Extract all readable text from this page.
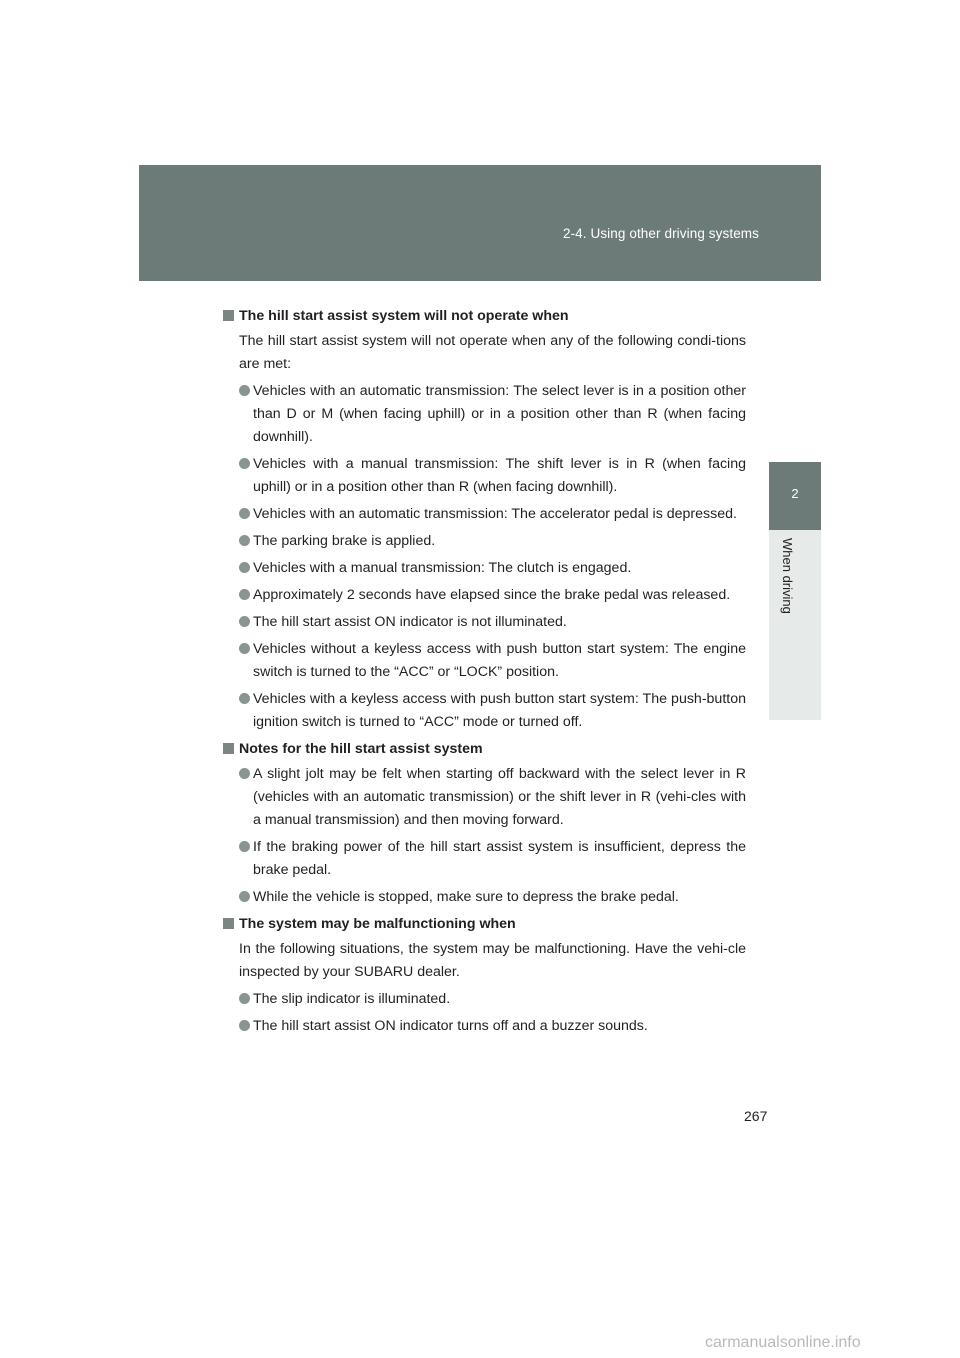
2-4. Using other driving systems
2
When driving
The hill start assist system will not operate when
The hill start assist system will not operate when any of the following condi-tions are met:
Vehicles with an automatic transmission: The select lever is in a position other than D or M (when facing uphill) or in a position other than R (when facing downhill).
Vehicles with a manual transmission: The shift lever is in R (when facing uphill) or in a position other than R (when facing downhill).
Vehicles with an automatic transmission: The accelerator pedal is depressed.
The parking brake is applied.
Vehicles with a manual transmission: The clutch is engaged.
Approximately 2 seconds have elapsed since the brake pedal was released.
The hill start assist ON indicator is not illuminated.
Vehicles without a keyless access with push button start system: The engine switch is turned to the “ACC” or “LOCK” position.
Vehicles with a keyless access with push button start system: The push-button ignition switch is turned to “ACC” mode or turned off.
Notes for the hill start assist system
A slight jolt may be felt when starting off backward with the select lever in R (vehicles with an automatic transmission) or the shift lever in R (vehi-cles with a manual transmission) and then moving forward.
If the braking power of the hill start assist system is insufficient, depress the brake pedal.
While the vehicle is stopped, make sure to depress the brake pedal.
The system may be malfunctioning when
In the following situations, the system may be malfunctioning. Have the vehi-cle inspected by your SUBARU dealer.
The slip indicator is illuminated.
The hill start assist ON indicator turns off and a buzzer sounds.
267
carmanualsonline.info
